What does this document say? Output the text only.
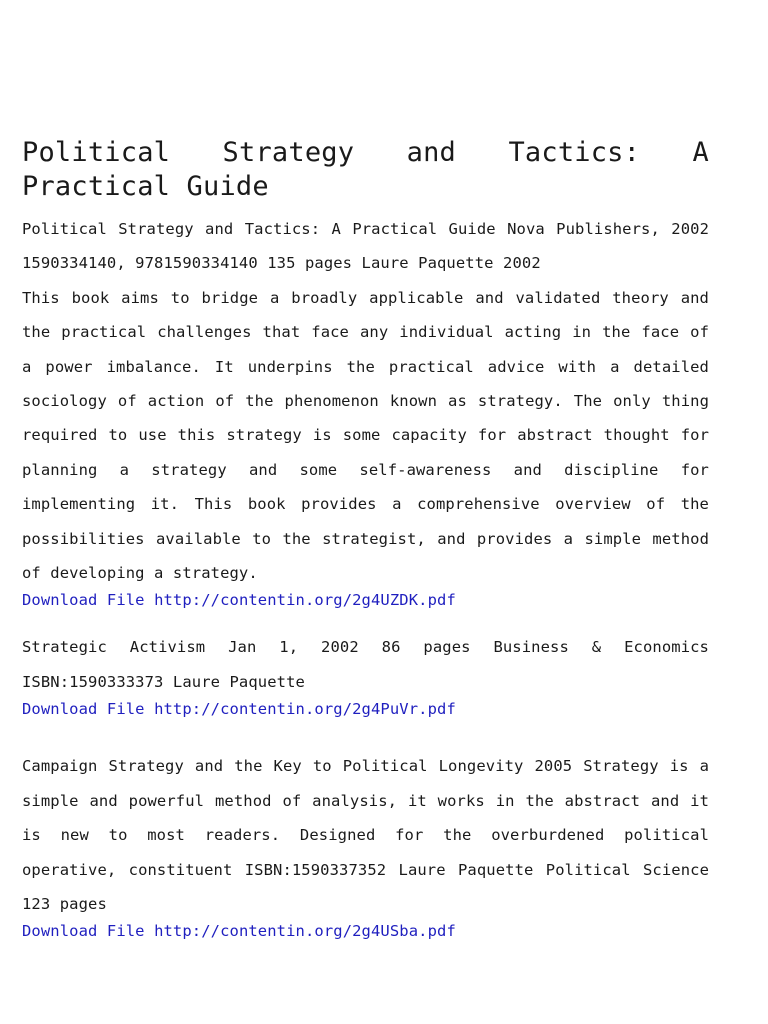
Political Strategy and Tactics: A Practical Guide

Political Strategy and Tactics: A Practical Guide Nova Publishers, 2002 1590334140, 9781590334140 135 pages Laure Paquette 2002

This book aims to bridge a broadly applicable and validated theory and the practical challenges that face any individual acting in the face of a power imbalance. It underpins the practical advice with a detailed sociology of action of the phenomenon known as strategy. The only thing required to use this strategy is some capacity for abstract thought for planning a strategy and some self-awareness and discipline for implementing it. This book provides a comprehensive overview of the possibilities available to the strategist, and provides a simple method of developing a strategy.

Download File http://contentin.org/2g4UZDK.pdf

Strategic Activism Jan 1, 2002 86 pages Business & Economics ISBN:1590333373 Laure Paquette

Download File http://contentin.org/2g4PuVr.pdf

Campaign Strategy and the Key to Political Longevity 2005 Strategy is a simple and powerful method of analysis, it works in the abstract and it is new to most readers. Designed for the overburdened political operative, constituent ISBN:1590337352 Laure Paquette Political Science 123 pages

Download File http://contentin.org/2g4USba.pdf
